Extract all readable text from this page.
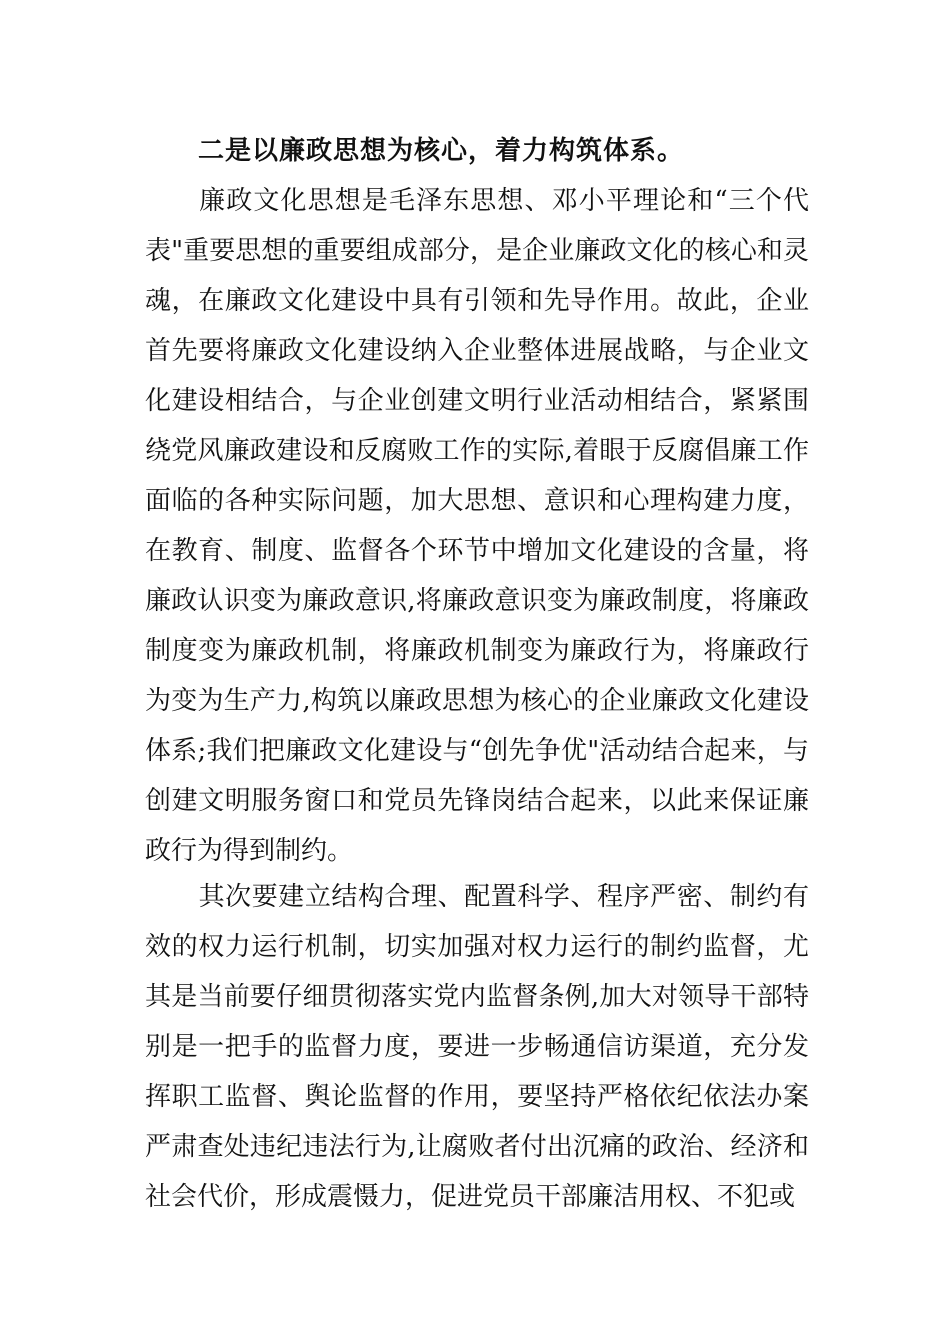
二是以廉政思想为核心，着力构筑体系。

廉政文化思想是毛泽东思想、邓小平理论和“三个代表"重要思想的重要组成部分，是企业廉政文化的核心和灵魂，在廉政文化建设中具有引领和先导作用。故此，企业首先要将廉政文化建设纳入企业整体进展战略，与企业文化建设相结合，与企业创建文明行业活动相结合，紧紧围绕党风廉政建设和反腐败工作的实际,着眼于反腐倡廉工作面临的各种实际问题，加大思想、意识和心理构建力度，在教育、制度、监督各个环节中增加文化建设的含量，将廉政认识变为廉政意识,将廉政意识变为廉政制度，将廉政制度变为廉政机制，将廉政机制变为廉政行为，将廉政行为变为生产力,构筑以廉政思想为核心的企业廉政文化建设体系;我们把廉政文化建设与“创先争优"活动结合起来，与创建文明服务窗口和党员先锋岗结合起来，以此来保证廉政行为得到制约。

其次要建立结构合理、配置科学、程序严密、制约有效的权力运行机制，切实加强对权力运行的制约监督，尤其是当前要仔细贯彻落实党内监督条例,加大对领导干部特别是一把手的监督力度，要进一步畅通信访渠道，充分发挥职工监督、舆论监督的作用，要坚持严格依纪依法办案严肃查处违纪违法行为,让腐败者付出沉痛的政治、经济和社会代价，形成震慑力，促进党员干部廉洁用权、不犯或
